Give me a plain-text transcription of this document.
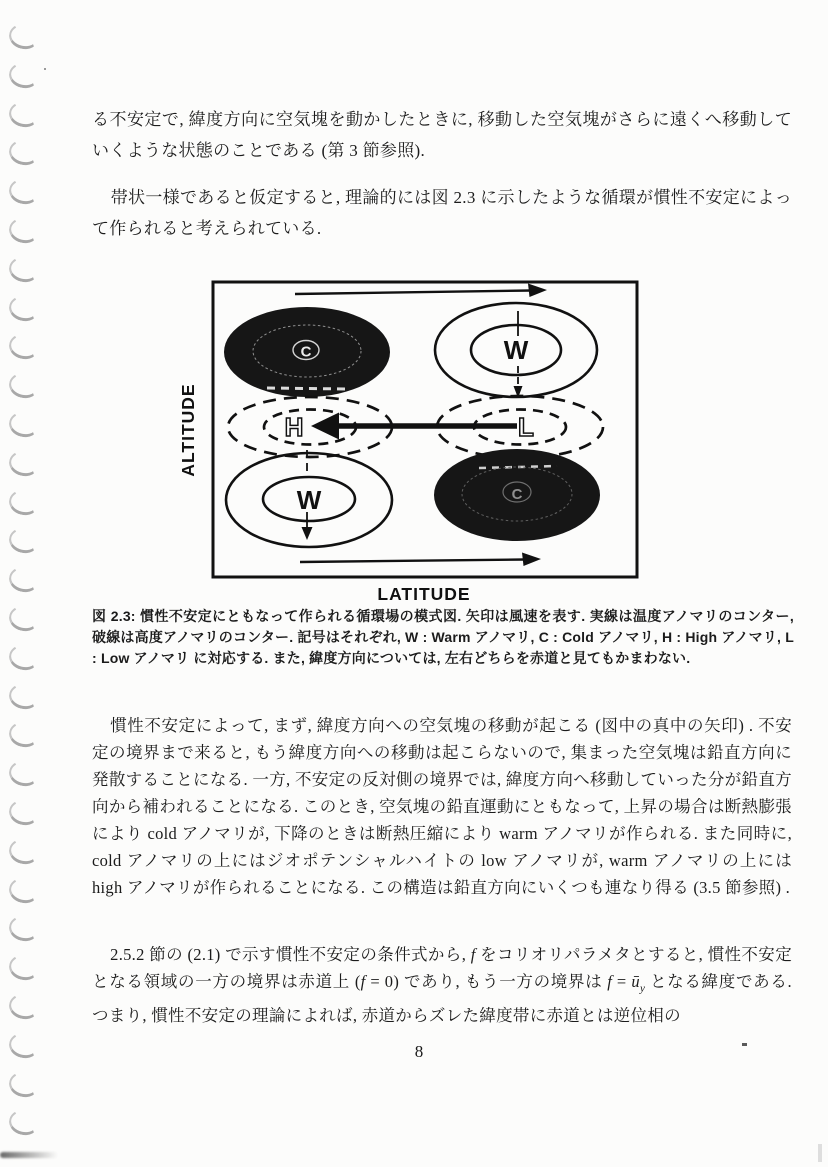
る不安定で, 緯度方向に空気塊を動かしたときに, 移動した空気塊がさらに遠くへ移動していくような状態のことである (第 3 節参照).

帯状一様であると仮定すると, 理論的には図 2.3 に示したような循環が慣性不安定によって作られると考えられている.

ALTITUDE
LATITUDE
C	W
H	L
W	C

図 2.3: 慣性不安定にともなって作られる循環場の模式図. 矢印は風速を表す. 実線は温度アノマリのコンター, 破線は高度アノマリのコンター. 記号はそれぞれ, W : Warm アノマリ, C : Cold アノマリ, H : High アノマリ, L : Low アノマリ に対応する. また, 緯度方向については, 左右どちらを赤道と見てもかまわない.

慣性不安定によって, まず, 緯度方向への空気塊の移動が起こる (図中の真中の矢印) . 不安定の境界まで来ると, もう緯度方向への移動は起こらないので, 集まった空気塊は鉛直方向に発散することになる. 一方, 不安定の反対側の境界では, 緯度方向へ移動していった分が鉛直方向から補われることになる. このとき, 空気塊の鉛直運動にともなって, 上昇の場合は断熱膨張により cold アノマリが, 下降のときは断熱圧縮により warm アノマリが作られる. また同時に, cold アノマリの上にはジオポテンシャルハイトの low アノマリが, warm アノマリの上には high アノマリが作られることになる. この構造は鉛直方向にいくつも連なり得る (3.5 節参照) .

2.5.2 節の (2.1) で示す慣性不安定の条件式から, f をコリオリパラメタとすると, 慣性不安定となる領域の一方の境界は赤道上 (f = 0) であり, もう一方の境界は $f = ū_y$ となる緯度である. つまり, 慣性不安定の理論によれば, 赤道からズレた緯度帯に赤道とは逆位相の

8
